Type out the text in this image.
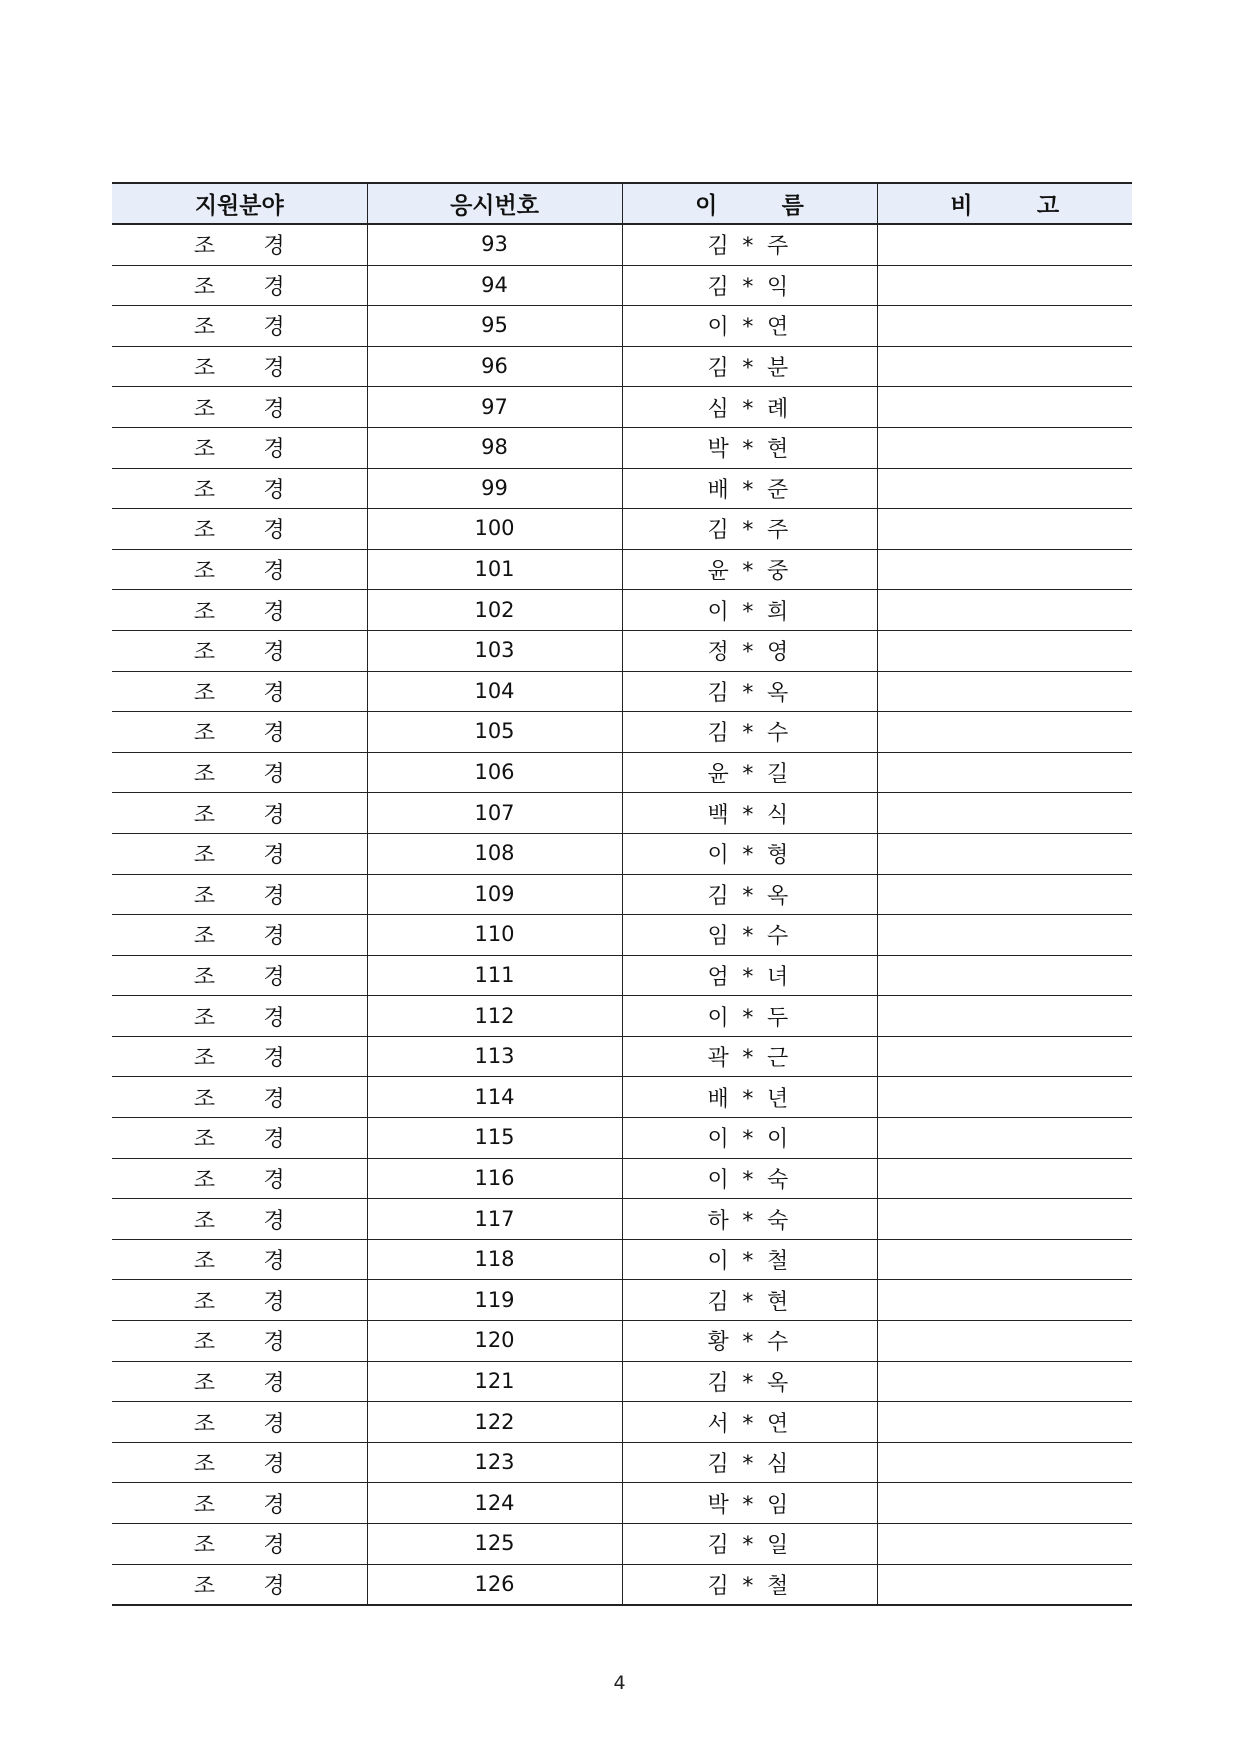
지원분야	응시번호	이　름	비　고
조경	93	김 * 주	
조경	94	김 * 익	
조경	95	이 * 연	
조경	96	김 * 분	
조경	97	심 * 례	
조경	98	박 * 현	
조경	99	배 * 준	
조경	100	김 * 주	
조경	101	윤 * 중	
조경	102	이 * 희	
조경	103	정 * 영	
조경	104	김 * 옥	
조경	105	김 * 수	
조경	106	윤 * 길	
조경	107	백 * 식	
조경	108	이 * 형	
조경	109	김 * 옥	
조경	110	임 * 수	
조경	111	엄 * 녀	
조경	112	이 * 두	
조경	113	곽 * 근	
조경	114	배 * 년	
조경	115	이 * 이	
조경	116	이 * 숙	
조경	117	하 * 숙	
조경	118	이 * 철	
조경	119	김 * 현	
조경	120	황 * 수	
조경	121	김 * 옥	
조경	122	서 * 연	
조경	123	김 * 심	
조경	124	박 * 임	
조경	125	김 * 일	
조경	126	김 * 철	
4
